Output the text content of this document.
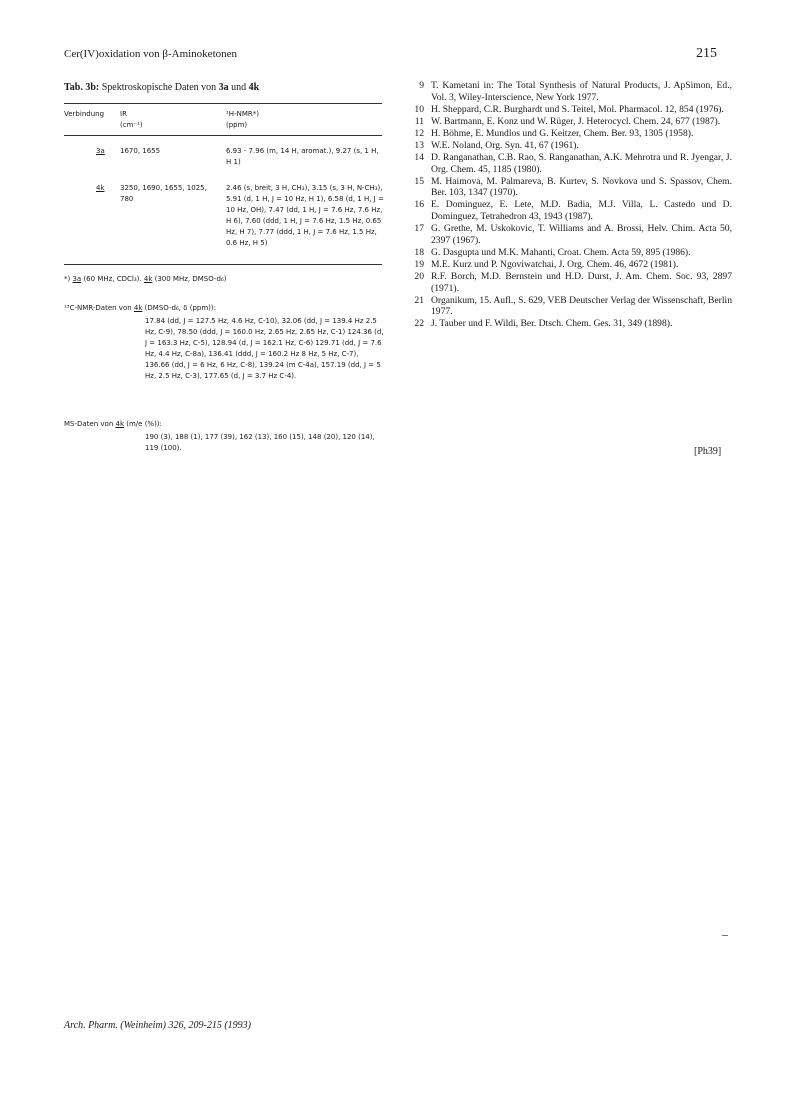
Cer(IV)oxidation von β-Aminoketonen	215
Tab. 3b: Spektroskopische Daten von 3a und 4k
Verbindung IR
(cm⁻¹)
¹H-NMR*)
(ppm)
3a 1670, 1655	6.93 - 7.96 (m, 14 H, aromat.), 9.27 (s, 1 H, H 1)
4k 3250, 1690, 1655, 1025, 780
2.46 (s, breit, 3 H, CH₃), 3.15 (s, 3 H, N-CH₃), 5.91 (d, 1 H, J = 10 Hz, H 1), 6.58 (d, 1 H, J = 10 Hz, OH), 7.47 (dd, 1 H, J = 7.6 Hz, 7.6 Hz, H 6), 7.60 (ddd, 1 H, J = 7.6 Hz, 1.5 Hz, 0.65 Hz, H 7), 7.77 (ddd, 1 H, J = 7.6 Hz, 1.5 Hz, 0.6 Hz, H 5)
*) 3a (60 MHz, CDCl₃). 4k (300 MHz, DMSO-d₆)
¹³C-NMR-Daten von 4k (DMSO-d₆, δ (ppm)):
17.84 (dd, J = 127.5 Hz, 4.6 Hz, C-10), 32.06 (dd, J = 139.4 Hz 2.5 Hz, C-9), 78.50 (ddd, J = 160.0 Hz, 2.65 Hz, 2.65 Hz, C-1) 124.36 (d, J = 163.3 Hz, C-5), 128.94 (d, J = 162.1 Hz, C-6) 129.71 (dd, J = 7.6 Hz, 4.4 Hz, C-8a), 136.41 (ddd, J = 160.2 Hz 8 Hz, 5 Hz, C-7), 136.66 (dd, J = 6 Hz, 6 Hz, C-8), 139.24 (m C-4a), 157.19 (dd, J = 5 Hz, 2.5 Hz, C-3), 177.65 (d, J = 3.7 Hz C-4).
MS-Daten von 4k (m/e (%)):
190 (3), 188 (1), 177 (39), 162 (13), 160 (15), 148 (20), 120 (14), 119 (100).
9 T. Kametani in: The Total Synthesis of Natural Products, J. ApSimon, Ed., Vol. 3, Wiley-Interscience, New York 1977.
10 H. Sheppard, C.R. Burghardt und S. Teitel, Mol. Pharmacol. 12, 854 (1976).
11 W. Bartmann, E. Konz und W. Rüger, J. Heterocycl. Chem. 24, 677 (1987).
12 H. Böhme, E. Mundlos und G. Keitzer, Chem. Ber. 93, 1305 (1958).
13 W.E. Noland, Org. Syn. 41, 67 (1961).
14 D. Ranganathan, C.B. Rao, S. Ranganathan, A.K. Mehrotra und R. Jyengar, J. Org. Chem. 45, 1185 (1980).
15 M. Haimova, M. Palmareva, B. Kurtev, S. Novkova und S. Spassov, Chem. Ber. 103, 1347 (1970).
16 E. Dominguez, E. Lete, M.D. Badia, M.J. Villa, L. Castedo und D. Dominguez, Tetrahedron 43, 1943 (1987).
17 G. Grethe, M. Uskokovic, T. Williams and A. Brossi, Helv. Chim. Acta 50, 2397 (1967).
18 G. Dasgupta und M.K. Mahanti, Croat. Chem. Acta 59, 895 (1986).
19 M.E. Kurz und P. Ngoviwatchai, J. Org. Chem. 46, 4672 (1981).
20 R.F. Borch, M.D. Bernstein und H.D. Durst, J. Am. Chem. Soc. 93, 2897 (1971).
21 Organikum, 15. Aufl., S. 629, VEB Deutscher Verlag der Wissenschaft, Berlin 1977.
22 J. Tauber und F. Wildi, Ber. Dtsch. Chem. Ges. 31, 349 (1898).
[Ph39]
Arch. Pharm. (Weinheim) 326, 209-215 (1993)
